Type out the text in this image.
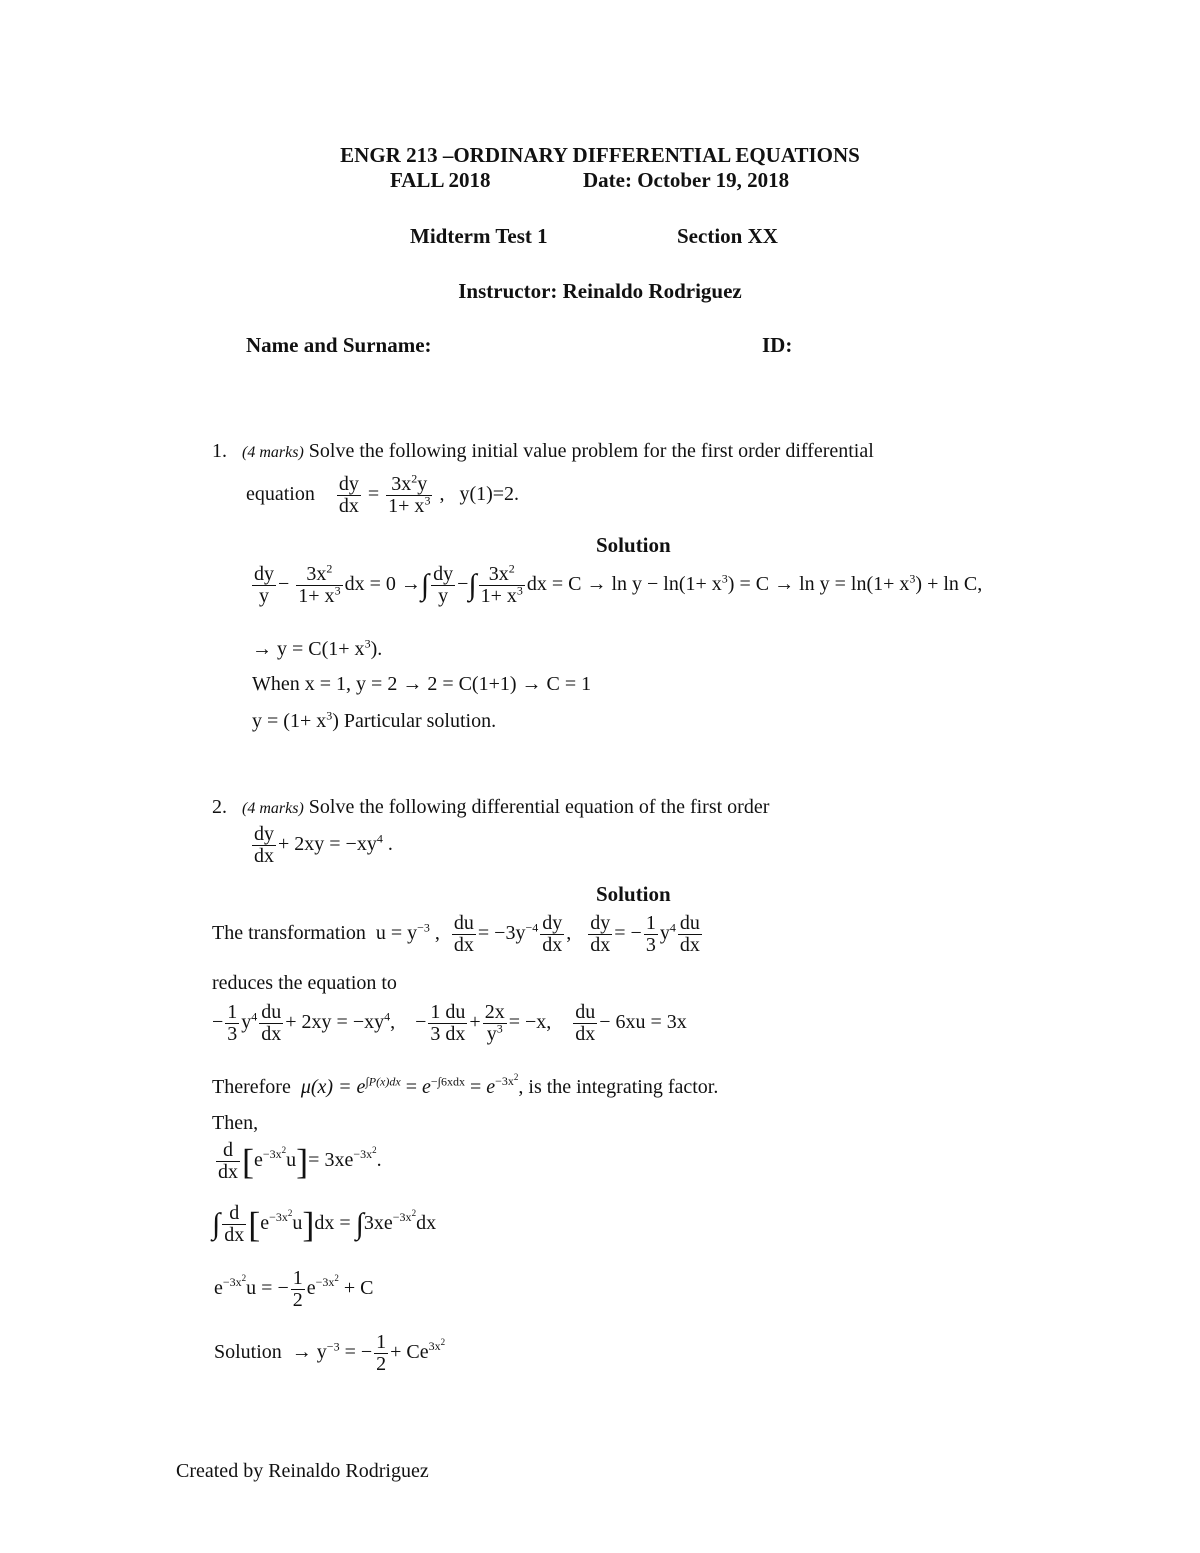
ENGR 213 –ORDINARY DIFFERENTIAL EQUATIONS
FALL 2018	Date: October 19, 2018
Midterm Test 1	Section XX
Instructor: Reinaldo Rodriguez
Name and Surname:	ID:
1. (4 marks) Solve the following initial value problem for the first order differential
equation $\frac{dy}{dx} = \frac{3x^2y}{1+ x^3}$ ,   y(1)=2.
Solution
$\frac{dy}{y} - \frac{3x^2}{1+ x^3}$ dx = 0 →∫ $\frac{dy}{y}$ −∫ $\frac{3x^2}{1+ x^3}$ dx = $C \to \ln y - \ln(1+ x^3) = C \to \ln y = \ln(1+ x^3) + \ln C$,
→ $y = C(1+ x^3)$.
When x = 1, y = 2 → 2 = C(1+1) → C = 1
$y = (1+ x^3)$ Particular solution.
2. (4 marks) Solve the following differential equation of the first order
$\frac{dy}{dx} + 2xy = -xy^4$ .
Solution
The transformation  $u = y^{-3}$ , $\frac{du}{dx} = -3y^{-4} \frac{dy}{dx}$ , $\frac{dy}{dx}$ = − $\frac{1}{3} y^4 \frac{du}{dx}$
reduces the equation to
− $\frac{1}{3} y^4 \frac{du}{dx} + 2xy = -xy^4$,    − $\frac{1 du}{3 dx} + \frac{2x}{y^3} = -x$, $\frac{du}{dx} - 6xu = 3x$
Therefore $\mu(x) = e^{\int P(x)dx} = e^{-\int 6xdx} = e^{-3x^2}$, is the integrating factor.
Then,
$\frac{d}{dx} [e^{-3x^2}u]= 3xe^{-3x^2}$.
∫ $\frac{d}{dx} [e^{-3x^2}u]dx = \int 3xe^{-3x^2}dx$
$e^{-3x^2}u$ = − $\frac{1}{2} e^{-3x^2} + C$
Solution  → $y^{-3}$ = − $\frac{1}{2} + Ce^{3x^2}$
Created by Reinaldo Rodriguez
